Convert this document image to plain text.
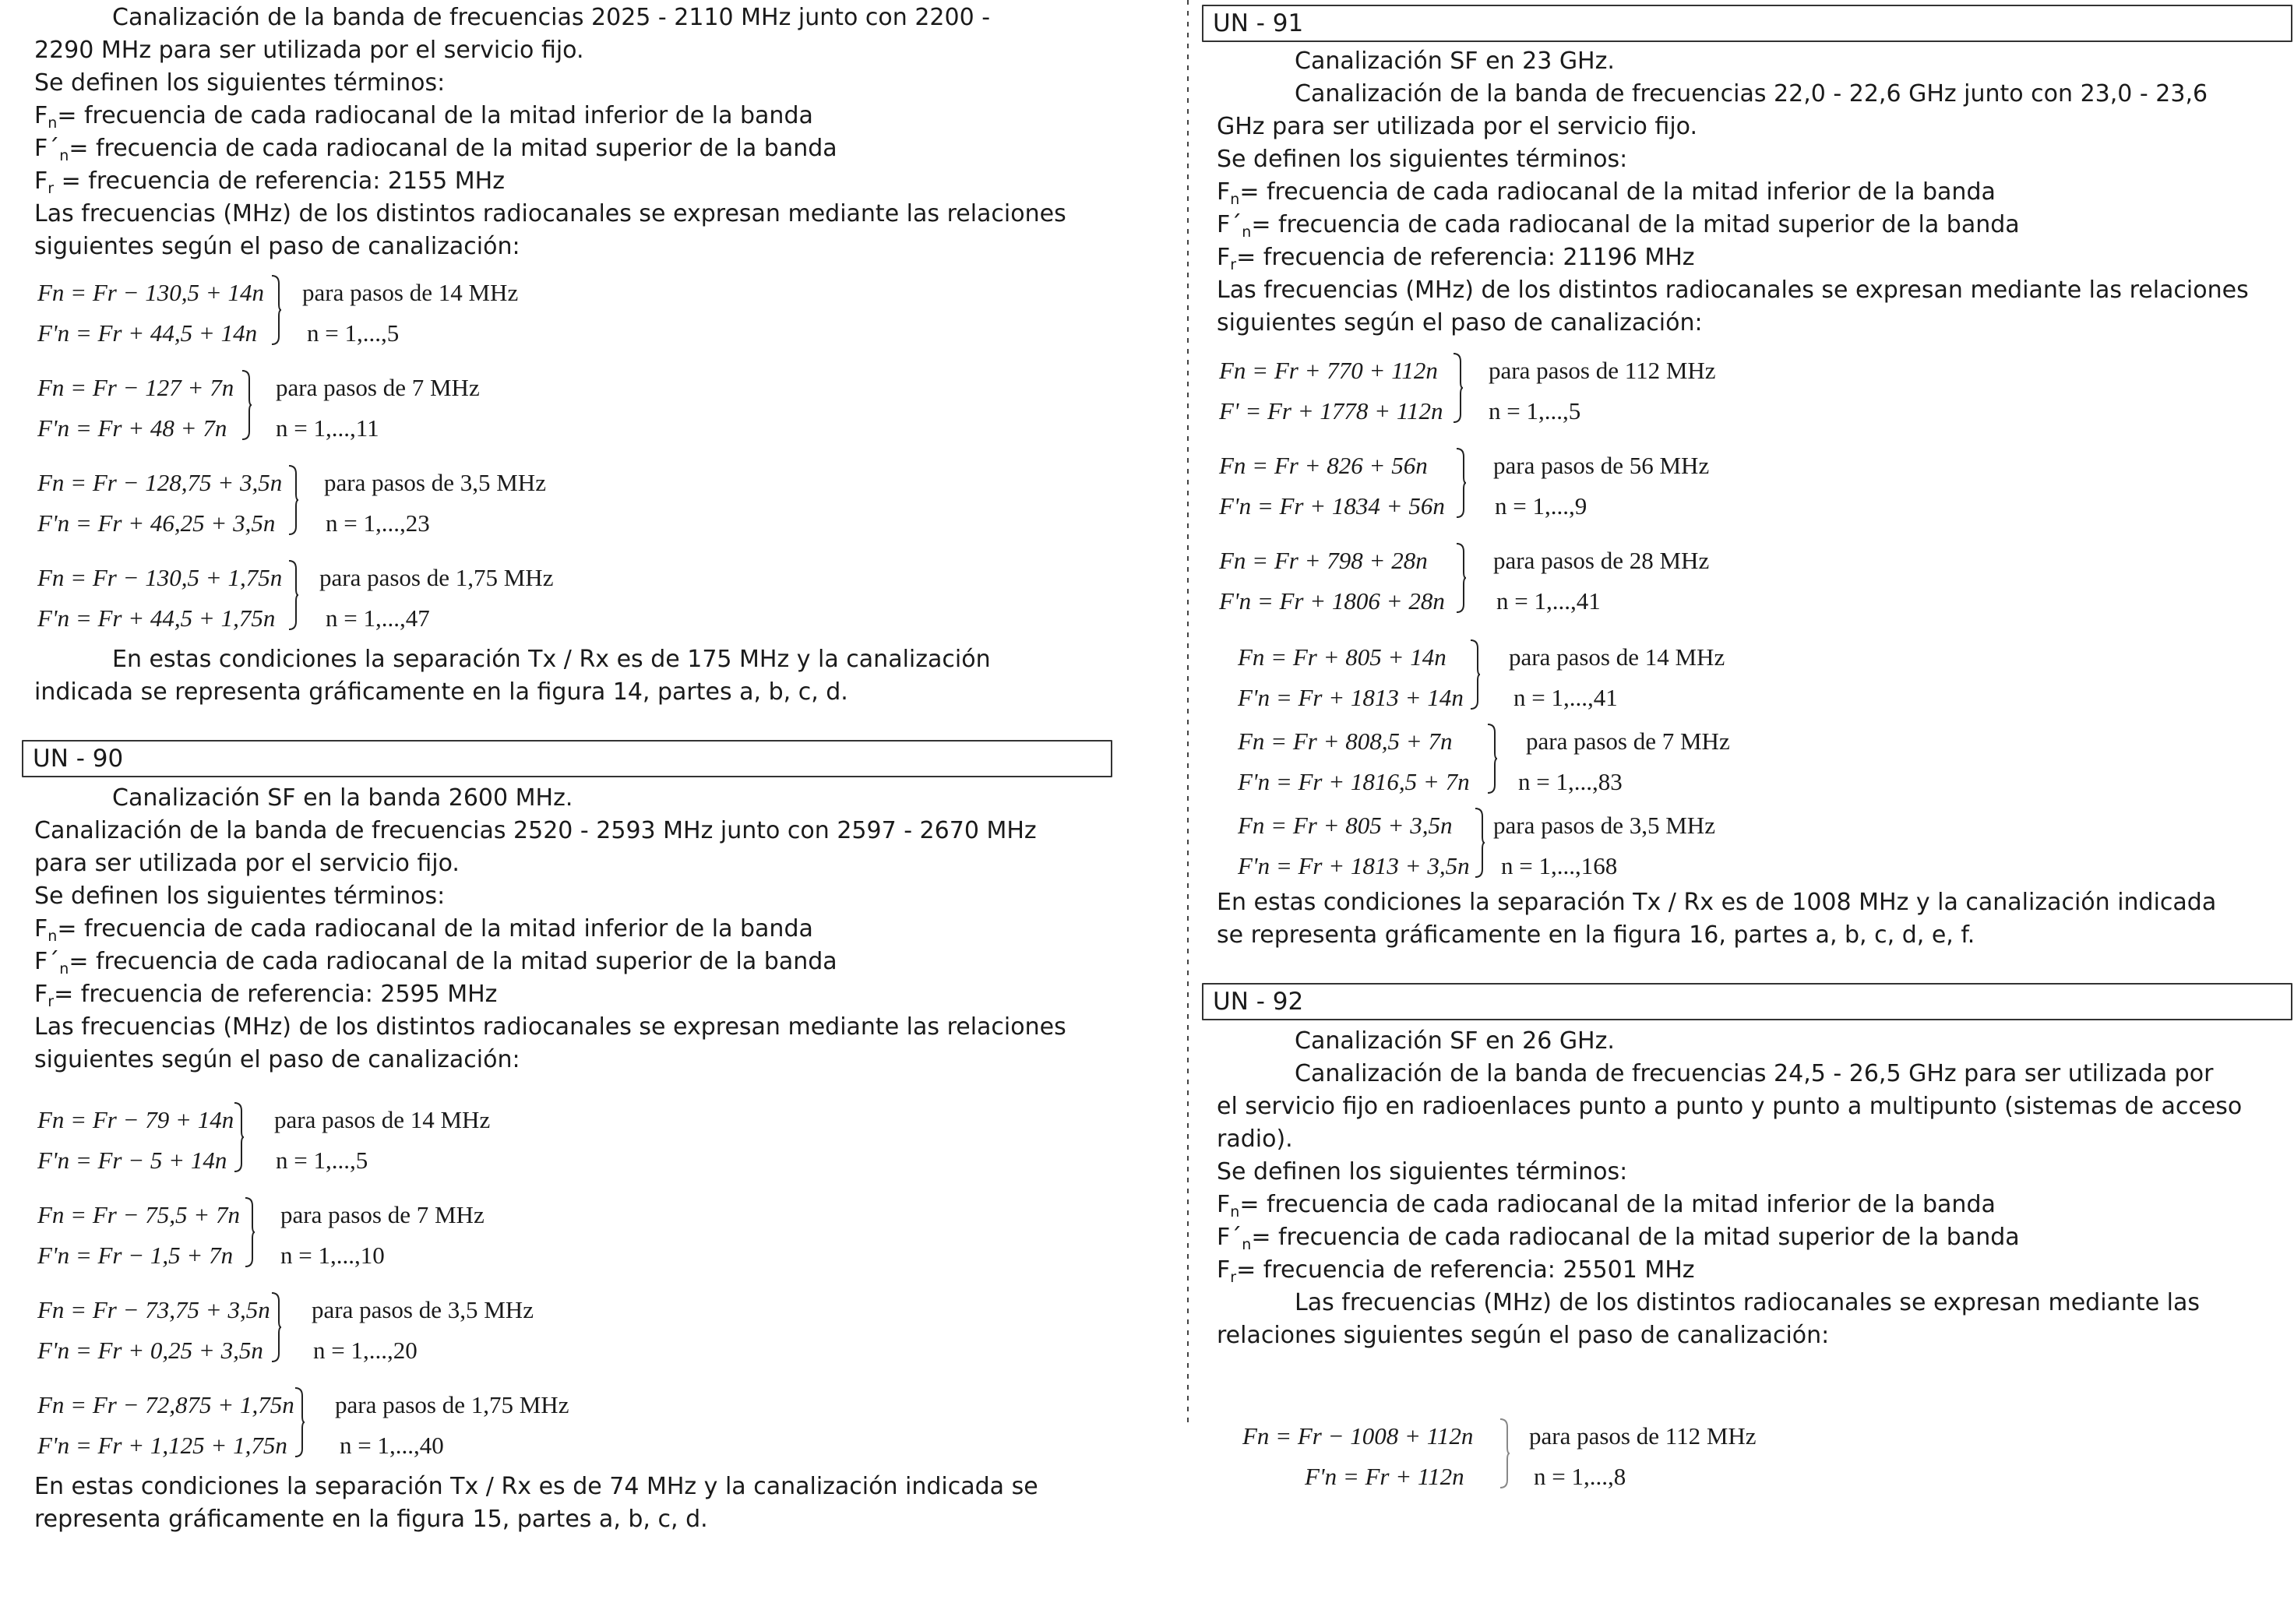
Canalización de la banda de frecuencias 2025 - 2110 MHz junto con 2200 -

2290 MHz para ser utilizada por el servicio fijo.

Se definen los siguientes términos:

$F_n=$ frecuencia de cada radiocanal de la mitad inferior de la banda

$F´_n=$ frecuencia de cada radiocanal de la mitad superior de la banda

$F_r$ = frecuencia de referencia: 2155 MHz

Las frecuencias (MHz) de los distintos radiocanales se expresan mediante las relaciones

siguientes según el paso de canalización:

Fn = Fr − 130,5 + 14n
F'n = Fr + 44,5 + 14n
para pasos de 14 MHz
n = 1,...,5
Fn = Fr − 127 + 7n
F'n = Fr + 48 + 7n
para pasos de 7 MHz
n = 1,...,11
Fn = Fr − 128,75 + 3,5n
F'n = Fr + 46,25 + 3,5n
para pasos de 3,5 MHz
n = 1,...,23
Fn = Fr − 130,5 + 1,75n
F'n = Fr + 44,5 + 1,75n
para pasos de 1,75 MHz
n = 1,...,47

En estas condiciones la separación Tx / Rx es de 175 MHz y la canalización

indicada se representa gráficamente en la figura 14, partes a, b, c, d.

UN - 90

Canalización SF en la banda 2600 MHz.

Canalización de la banda de frecuencias 2520 - 2593 MHz junto con 2597 - 2670 MHz

para ser utilizada por el servicio fijo.

Se definen los siguientes términos:

$F_n=$ frecuencia de cada radiocanal de la mitad inferior de la banda

$F´_n=$ frecuencia de cada radiocanal de la mitad superior de la banda

$F_r=$ frecuencia de referencia: 2595 MHz

Las frecuencias (MHz) de los distintos radiocanales se expresan mediante las relaciones

siguientes según el paso de canalización:

Fn = Fr − 79 + 14n
F'n = Fr − 5 + 14n
para pasos de 14 MHz
n = 1,...,5
Fn = Fr − 75,5 + 7n
F'n = Fr − 1,5 + 7n
para pasos de 7 MHz
n = 1,...,10
Fn = Fr − 73,75 + 3,5n
F'n = Fr + 0,25 + 3,5n
para pasos de 3,5 MHz
n = 1,...,20
Fn = Fr − 72,875 + 1,75n
F'n = Fr + 1,125 + 1,75n
para pasos de 1,75 MHz
n = 1,...,40

En estas condiciones la separación Tx / Rx es de 74 MHz y la canalización indicada se

representa gráficamente en la figura 15, partes a, b, c, d.

UN - 91

Canalización SF en 23 GHz.

Canalización de la banda de frecuencias 22,0 - 22,6 GHz junto con 23,0 - 23,6

GHz para ser utilizada por el servicio fijo.

Se definen los siguientes términos:

$F_n=$ frecuencia de cada radiocanal de la mitad inferior de la banda

$F´_n=$ frecuencia de cada radiocanal de la mitad superior de la banda

$F_r=$ frecuencia de referencia: 21196 MHz

Las frecuencias (MHz) de los distintos radiocanales se expresan mediante las relaciones

siguientes según el paso de canalización:

Fn = Fr + 770 + 112n
F' = Fr + 1778 + 112n
para pasos de 112 MHz
n = 1,...,5
Fn = Fr + 826 + 56n
F'n = Fr + 1834 + 56n
para pasos de 56 MHz
n = 1,...,9
Fn = Fr + 798 + 28n
F'n = Fr + 1806 + 28n
para pasos de 28 MHz
n = 1,...,41
Fn = Fr + 805 + 14n
F'n = Fr + 1813 + 14n
para pasos de 14 MHz
n = 1,...,41
Fn = Fr + 808,5 + 7n
F'n = Fr + 1816,5 + 7n
para pasos de 7 MHz
n = 1,...,83
Fn = Fr + 805 + 3,5n
F'n = Fr + 1813 + 3,5n
para pasos de 3,5 MHz
n = 1,...,168

En estas condiciones la separación Tx / Rx es de 1008 MHz y la canalización indicada

se representa gráficamente en la figura 16, partes a, b, c, d, e, f.

UN - 92

Canalización SF en 26 GHz.

Canalización de la banda de frecuencias 24,5 - 26,5 GHz para ser utilizada por

el servicio fijo en radioenlaces punto a punto y punto a multipunto (sistemas de acceso

radio).

Se definen los siguientes términos:

$F_n=$ frecuencia de cada radiocanal de la mitad inferior de la banda

$F´_n=$ frecuencia de cada radiocanal de la mitad superior de la banda

$F_r=$ frecuencia de referencia: 25501 MHz

Las frecuencias (MHz) de los distintos radiocanales se expresan mediante las

relaciones siguientes según el paso de canalización:

Fn = Fr − 1008 + 112n
F'n = Fr + 112n
para pasos de 112 MHz
n = 1,...,8
